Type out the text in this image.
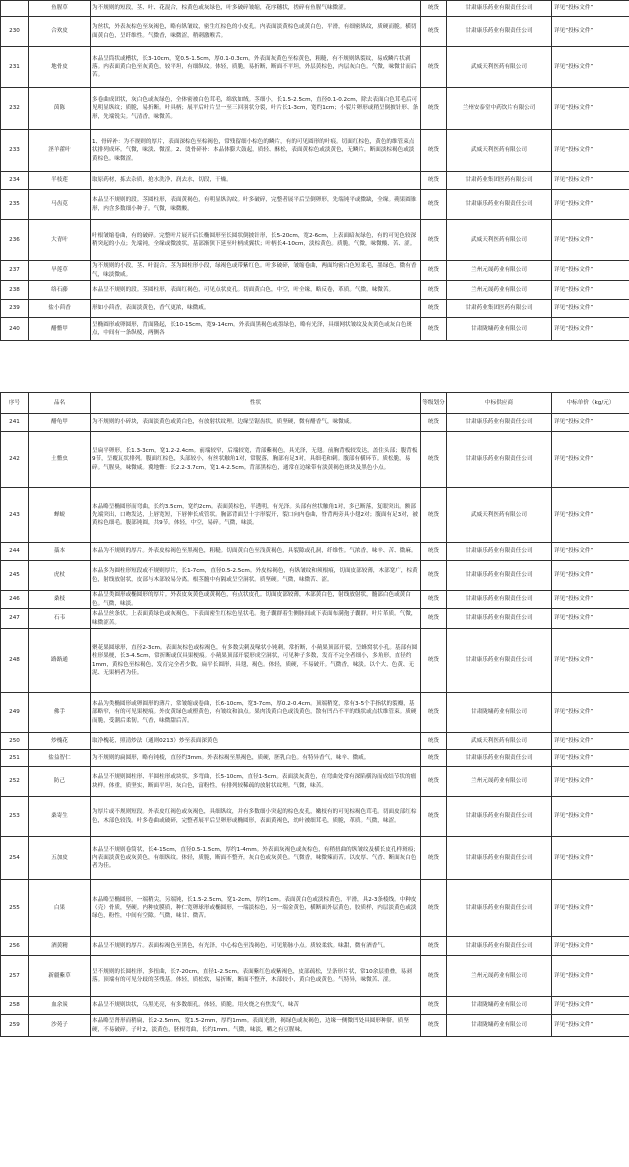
	鱼腥草	为不规则的短段，茎、叶、花混合，棕黄色或灰绿色，叶多破碎皱缩，花序穗状，搓碎有鱼腥气味微涩。	统货	甘肃康乐药业有限责任公司	详见“投标文件”
230	合欢皮	为丝状，外表灰棕色至灰褐色，略有纵皱纹，密生红棕色的小皮孔。内表面淡黄棕色或黄白色，平滑，有细密纵纹，质硬而脆。横切面黄白色，呈纤维性。气微香，味微涩，稍刺激喉舌。	统货	甘肃康乐药业有限责任公司	详见“投标文件”
231	地骨皮	本品呈筒状或槽状，长3-10cm，宽0.5-1.5cm，厚0.1-0.3cm。外表面灰黄色至棕黄色，粗糙，有不规则纵裂纹，易成鳞片状剥落。内表面黄白色至灰黄色，较平坦，有细纵纹。体轻，质脆，易折断，断面不平坦，外层黄棕色，内层灰白色。气微，味微甘而后苦。	统货	武威天利医药有限公司	详见“投标文件”
232	茵陈	多卷曲成团状，灰白色或灰绿色，全体密被白色茸毛，绵软如绒。茎细小，长1.5-2.5cm，直径0.1-0.2cm，除去表面白色茸毛后可见明显纵纹；质脆，易折断。叶具柄；展平后叶片呈一至三回羽状分裂，叶片长1-3cm，宽约1cm；小裂片卵形或稍呈倒披针形、条形，先端锐尖。气清香，味微苦。	统货	兰州安泰堂中药饮片有限公司	详见“投标文件”
233	淫羊藿叶	1、骨碎补：为不规则的厚片，表面深棕色至棕褐色，常残留细小棕色的鳞片，有的可见圆形的叶痕。切面红棕色，黄色的维管束点状排列成环。气微，味淡、微涩。2、烫骨碎补：本品体膨大鼓起，质轻、酥松，表面黄棕色或淡黄色，无鳞片，断面淡棕褐色或淡黄棕色。味微涩。	统货	武威天利医药有限公司	详见“投标文件”
234	半枝莲	取原药材，拣去杂质，抢水洗净，润去水，切段，干燥。	统货	甘肃药业集团医药有限公司	详见“投标文件”
235	马齿苋	本品呈不规则的段。茎圆柱形，表面黄褐色，有明显纵沟纹。叶多破碎，完整者展平后呈倒卵形，先端钝平或微缺，全缘。蒴果圆锥形，内含多数细小种子。气微，味微酸。	统货	甘肃康乐药业有限责任公司	详见“投标文件”
236	大青叶	叶根皱缩卷曲，有的破碎。完整叶片展开后长椭圆形至长圆状倒披针形，长5-20cm，宽2-6cm，上表面暗灰绿色，有的可见色较深稍突起的小点；先端钝，全缘或微波状，基部渐狭下延至叶柄成翼状；叶柄长4-10cm，淡棕黄色。质脆。气微，味微酸、苦、涩。	统货	武威天利医药有限公司	详见“投标文件”
237	旱莲草	为不规则的小段，茎、叶混合。茎为圆柱形小段，绿褐色或带紫红色。叶多破碎，皱缩卷曲，两面均密白色短柔毛，墨绿色，微有香气，味淡微咸。	统货	兰州元晟药业有限公司	详见“投标文件”
238	络石藤	本品呈不规则的段。茎圆柱形，表面红褐色，可见点状皮孔。切面黄白色，中空，叶全缘，略反卷，革质。气微，味微苦。	统货	兰州元晟药业有限公司	详见“投标文件”
239	盐小茴香	形如小茴香，表面淡黄色，香气更浓，味微咸。	统货	甘肃药业集团医药有限公司	详见“投标文件”
240	醋鳖甲	呈椭圆形或卵圆形，背面隆起，长10-15cm，宽9-14cm。外表面黑褐色或墨绿色，略有光泽，具细网状皱纹及灰黄色或灰白色斑点，中间有一条纵棱，两侧各	统货	甘肃陇墉药业有限公司	详见“投标文件”
序号	品名	性状	等级划分	中标供应商	中标单价（kg/元）
241	醋龟甲	为不规则的小碎块，表面淡黄色或黄白色，有放射状纹理。边缘呈锯齿状，质坚硬，微有醋香气，味微咸。	统货	甘肃康乐药业有限责任公司	详见“投标文件”
242	土鳖虫	呈扁平卵形，长1.3-3cm，宽1.2-2.4cm。前端较窄，后端较宽，背部紫褐色，具光泽，无翅。前胸背板较发达，盖住头部；腹背板9节，呈覆瓦状排列。腹面红棕色，头部较小，有丝状触角1对，常脱落，胸部有足3对，具细毛和刺。腹部有横环节。质松脆，易碎。气腥臭，味微咸。冀地鳖：长2.2-3.7cm，宽1.4-2.5cm。背部黑棕色，通常在边缘带有淡黄褐色斑块及黑色小点。	统货	甘肃康乐药业有限责任公司	详见“投标文件”
243	蝉蜕	本品略呈椭圆形而弯曲，长约3.5cm，宽约2cm。表面黄棕色，半透明，有光泽。头部有丝状触角1对，多已断落，复眼突出。额部先端突出，口吻发达，上唇宽短，下唇伸长成管状。胸部背面呈十字形裂开，裂口向内卷曲，脊背两旁具小翅2对；腹面有足3对，被黄棕色细毛。腹部钝圆，共9节。体轻，中空，易碎。气微，味淡。	统货	武威天利医药有限公司	详见“投标文件”
244	藁本	本品为不规则的厚片。外表皮棕褐色至黑褐色，粗糙。切面黄白色至浅黄褐色，具裂隙或孔洞，纤维性。气浓香，味辛、苦、微麻。	统货	甘肃康乐药业有限责任公司	详见“投标文件”
245	虎杖	本品多为圆柱形短段或不规则厚片，长1-7cm，直径0.5-2.5cm。外皮棕褐色，有纵皱纹和须根痕，切面皮部较薄，木部宽广，棕黄色，射线放射状，皮部与木部较易分离。根茎髓中有隔或呈空洞状。质坚硬。气微，味微苦、涩。	统货	甘肃康乐药业有限责任公司	详见“投标文件”
246	桑枝	本品呈类圆形或椭圆形的厚片。外表皮灰黄色或黄褐色，有点状皮孔。切面皮部较薄，木部黄白色，射线放射状，髓部白色或黄白色。气微，味淡。	统货	甘肃康乐药业有限责任公司	详见“投标文件”
247	石韦	本品呈丝条状。上表面黄绿色或灰褐色，下表面密生红棕色星状毛。孢子囊群着生侧脉间或下表面布满孢子囊群。叶片革质。气微，味微涩苦。	统货	甘肃康乐药业有限责任公司	详见“投标文件”
248	路路通	聚花果圆球形，直径2-3cm。表面灰棕色或棕褐色，有多数尖刺及喙状小钝刺，常折断，小蒴果顶部开裂，呈蜂窝状小孔。基部有圆柱形果梗，长3-4.5cm，常折断或仅具果梗痕。小蒴果顶部开裂形成空洞状，可见种子多数，发育不完全者细小，多角形，直径约1mm，黄棕色至棕褐色，发育完全者少数，扁平长圆形，具翅，褐色。体轻，质硬，不易破开。气微香，味淡。以个大、色黄、无泥、无果柄者为佳。	统货	甘肃康乐药业有限责任公司	详见“投标文件”
249	佛手	本品为类椭圆形或卵圆形的薄片，常皱缩或卷曲，长6-10cm，宽3-7cm，厚0.2-0.4cm。顶端稍宽，常有3-5个手指状的裂瓣，基部略窄，有的可见果梗痕。外皮黄绿色或橙黄色，有皱纹和油点。果肉浅黄白色或浅黄色，散有凹凸不平的线状或点状维管束。质硬而脆，受潮后柔韧。气香，味微甜后苦。	统货	甘肃陇墉药业有限公司	详见“投标文件”
250	炒槐花	取净槐花，照清炒法（通则0213）炒至表面深黄色	统货	武威天利医药有限公司	详见“投标文件”
251	盐益智仁	为不规则的扁圆形，略有钝棱，直径约3mm。外表棕褐至黑褐色，质硬，胚乳白色。有特异香气，味辛、微咸。	统货	甘肃康乐药业有限责任公司	详见“投标文件”
252	防己	本品呈不规则圆柱形、半圆柱形或块状，多弯曲，长5-10cm，直径1-5cm。表面淡灰黄色，在弯曲处常有深陷横沟而成结节状的瘤块样。体重，质坚实，断面平坦，灰白色，富粉性，有排列较稀疏的放射状纹理。气微，味苦。	统货	兰州元晟药业有限公司	详见“投标文件”
253	桑寄生	为厚片或不规则短段。外表皮红褐色或灰褐色，具细纵纹，并有多数细小突起的棕色皮孔，嫩枝有的可见棕褐色茸毛。切面皮部红棕色，木部色较浅。叶多卷曲或破碎，完整者展平后呈卵形或椭圆形，表面黄褐色，幼叶被细茸毛，质脆，革质。气微，味涩。	统货	甘肃康乐药业有限责任公司	详见“投标文件”
254	五加皮	本品呈不规则卷筒状，长4-15cm，直径0.5-1.5cm，厚约1-4mm。外表面灰褐色或灰棕色，有稍扭曲的纵皱纹及横长皮孔样斑痕；内表面淡黄色或灰黄色，有细纵纹。体轻，质脆，断面不整齐，灰白色或灰黄色。气微香，味微辣而苦。以皮厚、气香、断面灰白色者为佳。	统货	甘肃康乐药业有限责任公司	详见“投标文件”
255	白果	本品略呈椭圆形，一端稍尖，另端钝，长1.5-2.5cm，宽1-2cm，厚约1cm。表面黄白色或淡棕黄色，平滑，具2-3条棱线。中种皮（壳）骨质，坚硬。内种皮膜质，种仁宽卵球形或椭圆形，一端淡棕色，另一端金黄色，横断面外层黄色，胶质样，内层淡黄色或淡绿色，粉性，中间有空隙。气微，味甘、微苦。	统货	甘肃康乐药业有限责任公司	详见“投标文件”
256	酒黄精	本品呈不规则的厚片。表面棕褐色至黑色，有光泽，中心棕色至浅褐色，可见筋脉小点。质较柔软。味甜，微有酒香气。	统货	甘肃康乐药业有限责任公司	详见“投标文件”
257	新疆紫草	呈不规则的长圆柱形，多扭曲，长7-20cm，直径1-2.5cm。表面紫红色或紫褐色，皮部疏松，呈条形片状，常10余层重叠，易剥落。顶端有的可见分歧的茎残基。体轻，质松软，易折断，断面不整齐，木部较小，黄白色或黄色。气特异，味微苦、涩。	统货	兰州元晟药业有限公司	详见“投标文件”
258	血余炭	本品呈不规则块状，乌黑光亮，有多数细孔。体轻，质脆。用火烧之有焦发气，味苦	统货	甘肃陇墉药业有限公司	详见“投标文件”
259	沙苑子	本品略呈肾形而稍扁，长2-2.5mm，宽1.5-2mm，厚约1mm。表面光滑，褐绿色或灰褐色，边缘一侧微凹处具圆形种脐。质坚硬，不易破碎。子叶2，淡黄色，胚根弯曲，长约1mm。气微，味淡，嚼之有豆腥味。	统货	甘肃陇墉药业有限公司	详见“投标文件”
